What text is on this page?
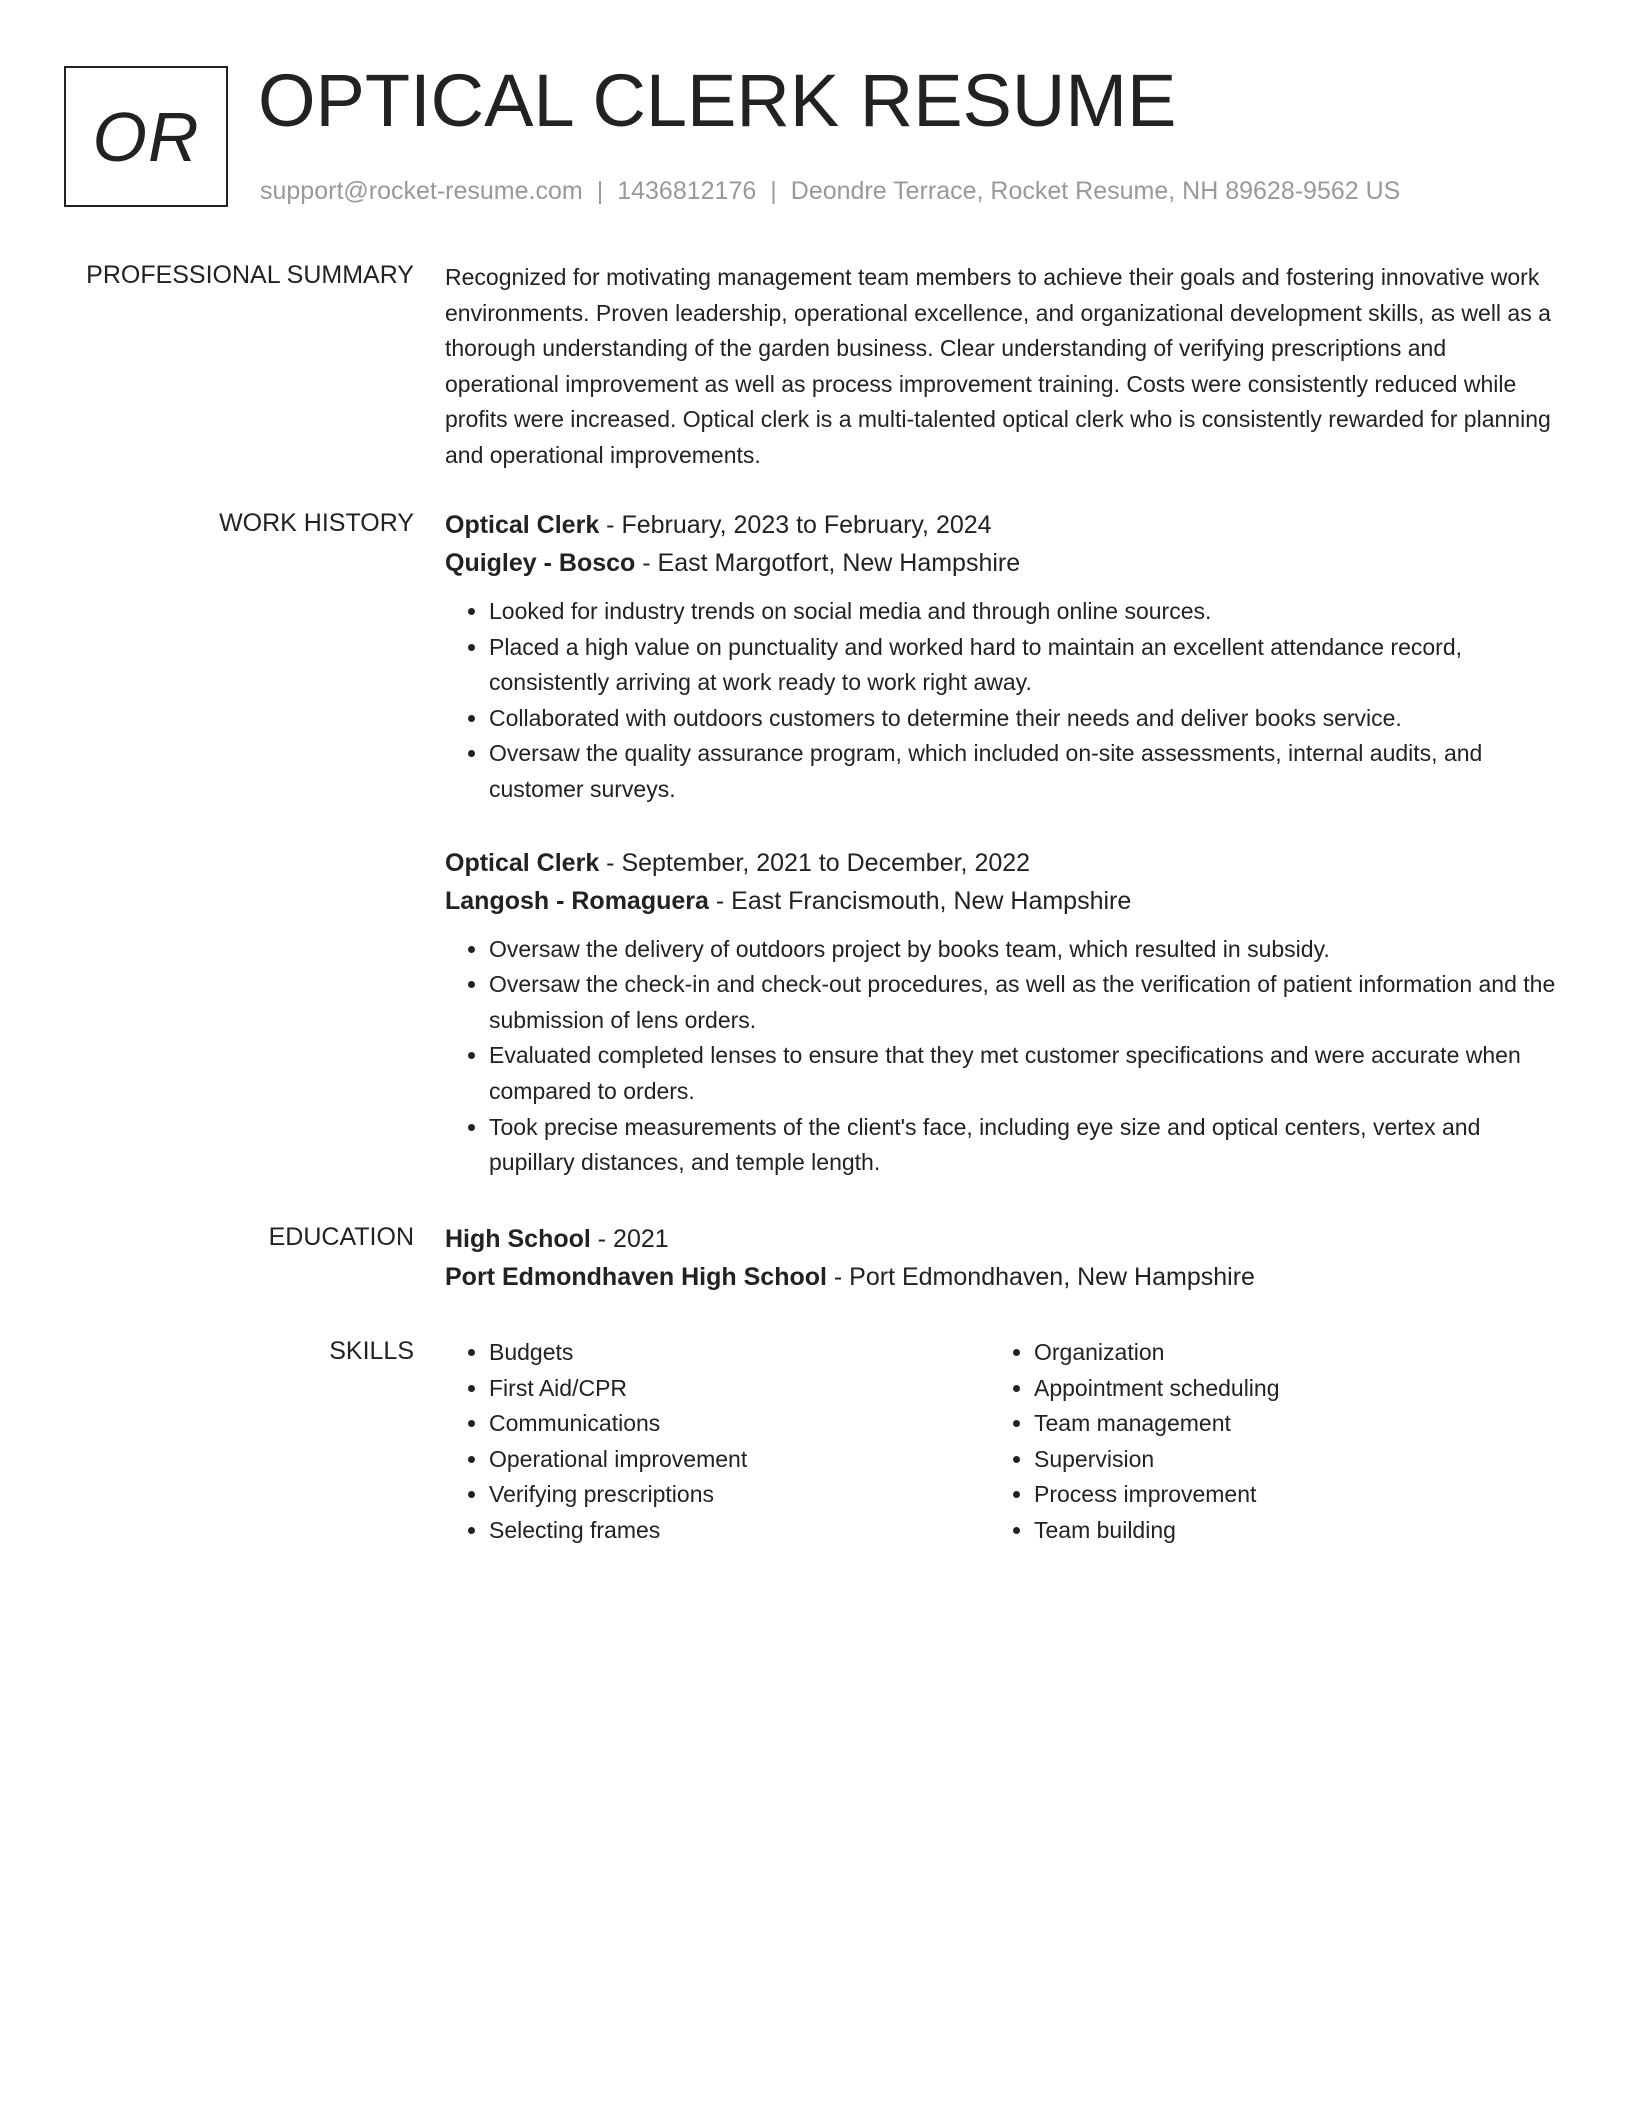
OR OPTICAL CLERK RESUME
support@rocket-resume.com | 1436812176 | Deondre Terrace, Rocket Resume, NH 89628-9562 US
PROFESSIONAL SUMMARY Recognized for motivating management team members to achieve their goals and fostering innovative work environments. Proven leadership, operational excellence, and organizational development skills, as well as a thorough understanding of the garden business. Clear understanding of verifying prescriptions and operational improvement as well as process improvement training. Costs were consistently reduced while profits were increased. Optical clerk is a multi-talented optical clerk who is consistently rewarded for planning and operational improvements.

WORK HISTORY Optical Clerk - February, 2023 to February, 2024
Quigley - Bosco - East Margotfort, New Hampshire
• Looked for industry trends on social media and through online sources.
• Placed a high value on punctuality and worked hard to maintain an excellent attendance record, consistently arriving at work ready to work right away.
• Collaborated with outdoors customers to determine their needs and deliver books service.
• Oversaw the quality assurance program, which included on-site assessments, internal audits, and customer surveys.
Optical Clerk - September, 2021 to December, 2022
Langosh - Romaguera - East Francismouth, New Hampshire
• Oversaw the delivery of outdoors project by books team, which resulted in subsidy.
• Oversaw the check-in and check-out procedures, as well as the verification of patient information and the submission of lens orders.
• Evaluated completed lenses to ensure that they met customer specifications and were accurate when compared to orders.
• Took precise measurements of the client's face, including eye size and optical centers, vertex and pupillary distances, and temple length.
EDUCATION High School - 2021
Port Edmondhaven High School - Port Edmondhaven, New Hampshire
SKILLS
•	Budgets
• First Aid/CPR
• Communications
• Operational improvement
• Verifying prescriptions
• Selecting frames
• Organization
• Appointment scheduling
• Team management
• Supervision
• Process improvement
• Team building
